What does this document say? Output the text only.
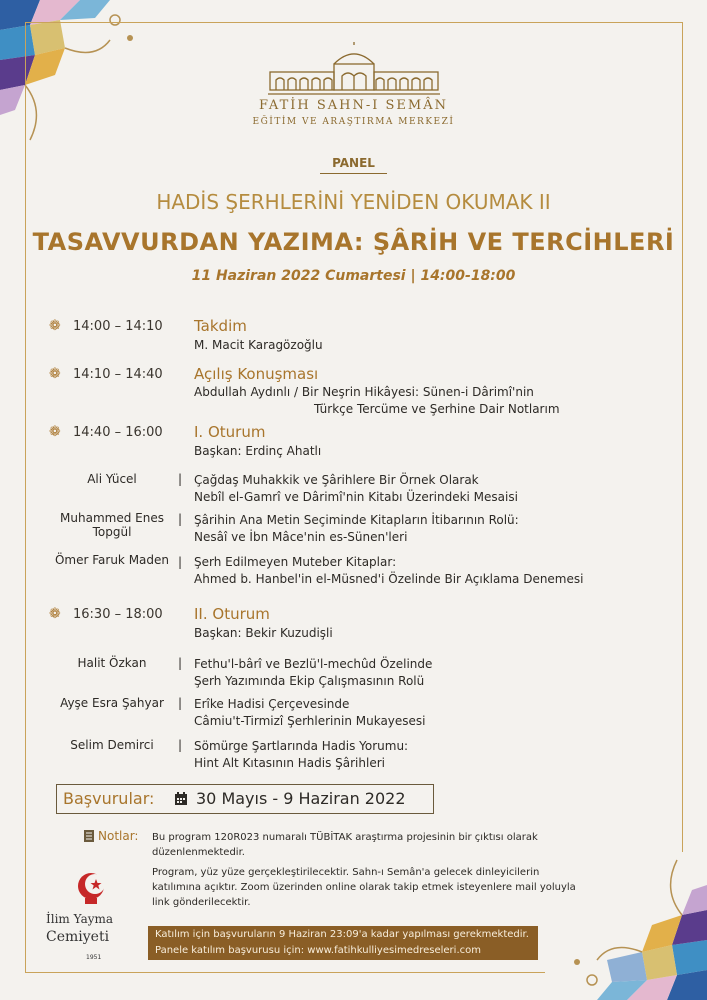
FATİH SAHN-I SEMÂN
EĞİTİM VE ARAŞTIRMA MERKEZİ
PANEL
HADİS ŞERHLERİNİ YENİDEN OKUMAK II
TASAVVURDAN YAZIMA: ŞÂRİH VE TERCİHLERİ
11 Haziran 2022 Cumartesi | 14:00-18:00
❁ 14:00 – 14:10 Takdim
M. Macit Karagözoğlu
❁ 14:10 – 14:40 Açılış Konuşması
Abdullah Aydınlı / Bir Neşrin Hikâyesi: Sünen-i Dârimî'nin
Türkçe Tercüme ve Şerhine Dair Notlarım
❁ 14:40 – 16:00 I. Oturum
Başkan: Erdinç Ahatlı
Ali Yücel	| Çağdaş Muhakkik ve Şârihlere Bir Örnek Olarak
Nebîl el-Gamrî ve Dârimî'nin Kitabı Üzerindeki Mesaisi
Muhammed Enes Topgül
| Şârihin Ana Metin Seçiminde Kitapların İtibarının Rolü:
Nesâî ve İbn Mâce'nin es-Sünen'leri
Ömer Faruk Maden | Şerh Edilmeyen Muteber Kitaplar:
Ahmed b. Hanbel'in el-Müsned'i Özelinde Bir Açıklama Denemesi
❁ 16:30 – 18:00 II. Oturum
Başkan: Bekir Kuzudişli
Halit Özkan	| Fethu'l-bârî ve Bezlü'l-mechûd Özelinde
Şerh Yazımında Ekip Çalışmasının Rolü
Ayşe Esra Şahyar	| Erîke Hadisi Çerçevesinde
Câmiu't-Tirmizî Şerhlerinin Mukayesesi
Selim Demirci	| Sömürge Şartlarında Hadis Yorumu:
Hint Alt Kıtasının Hadis Şârihleri
Başvurular:	30 Mayıs - 9 Haziran 2022
Notlar: Bu program 120R023 numaralı TÜBİTAK araştırma projesinin bir çıktısı olarak düzenlenmektedir.
Program, yüz yüze gerçekleştirilecektir. Sahn-ı Semân'a gelecek dinleyicilerin katılımına açıktır. Zoom üzerinden online olarak takip etmek isteyenlere mail yoluyla link gönderilecektir.
İlim Yayma
Cemiyeti
1951
Katılım için başvuruların 9 Haziran 23:09'a kadar yapılması gerekmektedir.
Panele katılım başvurusu için: www.fatihkulliyesimedreseleri.com
